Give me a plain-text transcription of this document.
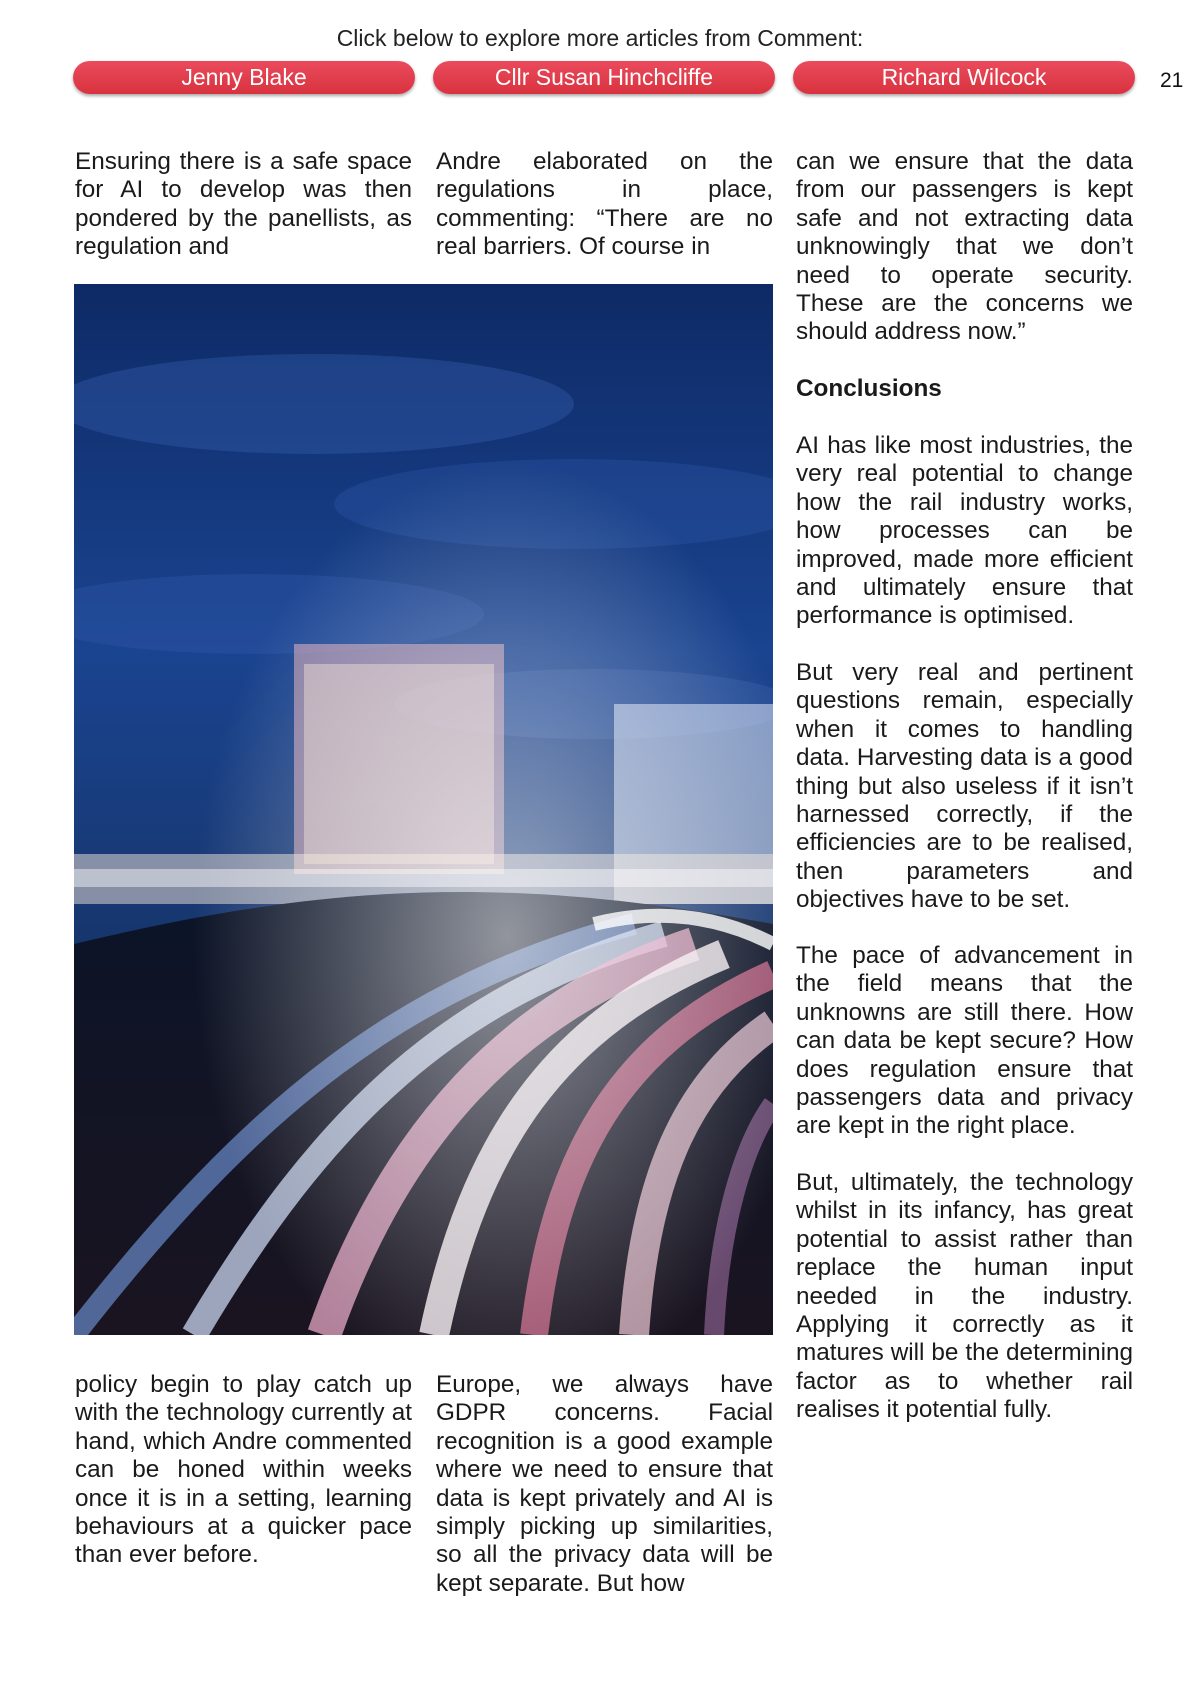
Click below to explore more articles from Comment:
Jenny Blake	Cllr Susan Hinchcliffe	Richard Wilcock	21

Ensuring there is a safe space for AI to develop was then pondered by the panellists, as regulation and

Andre elaborated on the regulations in place, commenting: “There are no real barriers. Of course in

policy begin to play catch up with the technology currently at hand, which Andre commented can be honed within weeks once it is in a setting, learning behaviours at a quicker pace than ever before.

Europe, we always have GDPR concerns. Facial recognition is a good example where we need to ensure that data is kept privately and AI is simply picking up similarities, so all the privacy data will be kept separate. But how

can we ensure that the data from our passengers is kept safe and not extracting data unknowingly that we don’t need to operate security. These are the concerns we should address now.”

Conclusions

AI has like most industries, the very real potential to change how the rail industry works, how processes can be improved, made more efficient and ultimately ensure that performance is optimised.

But very real and pertinent questions remain, especially when it comes to handling data. Harvesting data is a good thing but also useless if it isn’t harnessed correctly, if the efficiencies are to be realised, then parameters and objectives have to be set.

The pace of advancement in the field means that the unknowns are still there. How can data be kept secure? How does regulation ensure that passengers data and privacy are kept in the right place.

But, ultimately, the technology whilst in its infancy, has great potential to assist rather than replace the human input needed in the industry. Applying it correctly as it matures will be the determining factor as to whether rail realises it potential fully.
